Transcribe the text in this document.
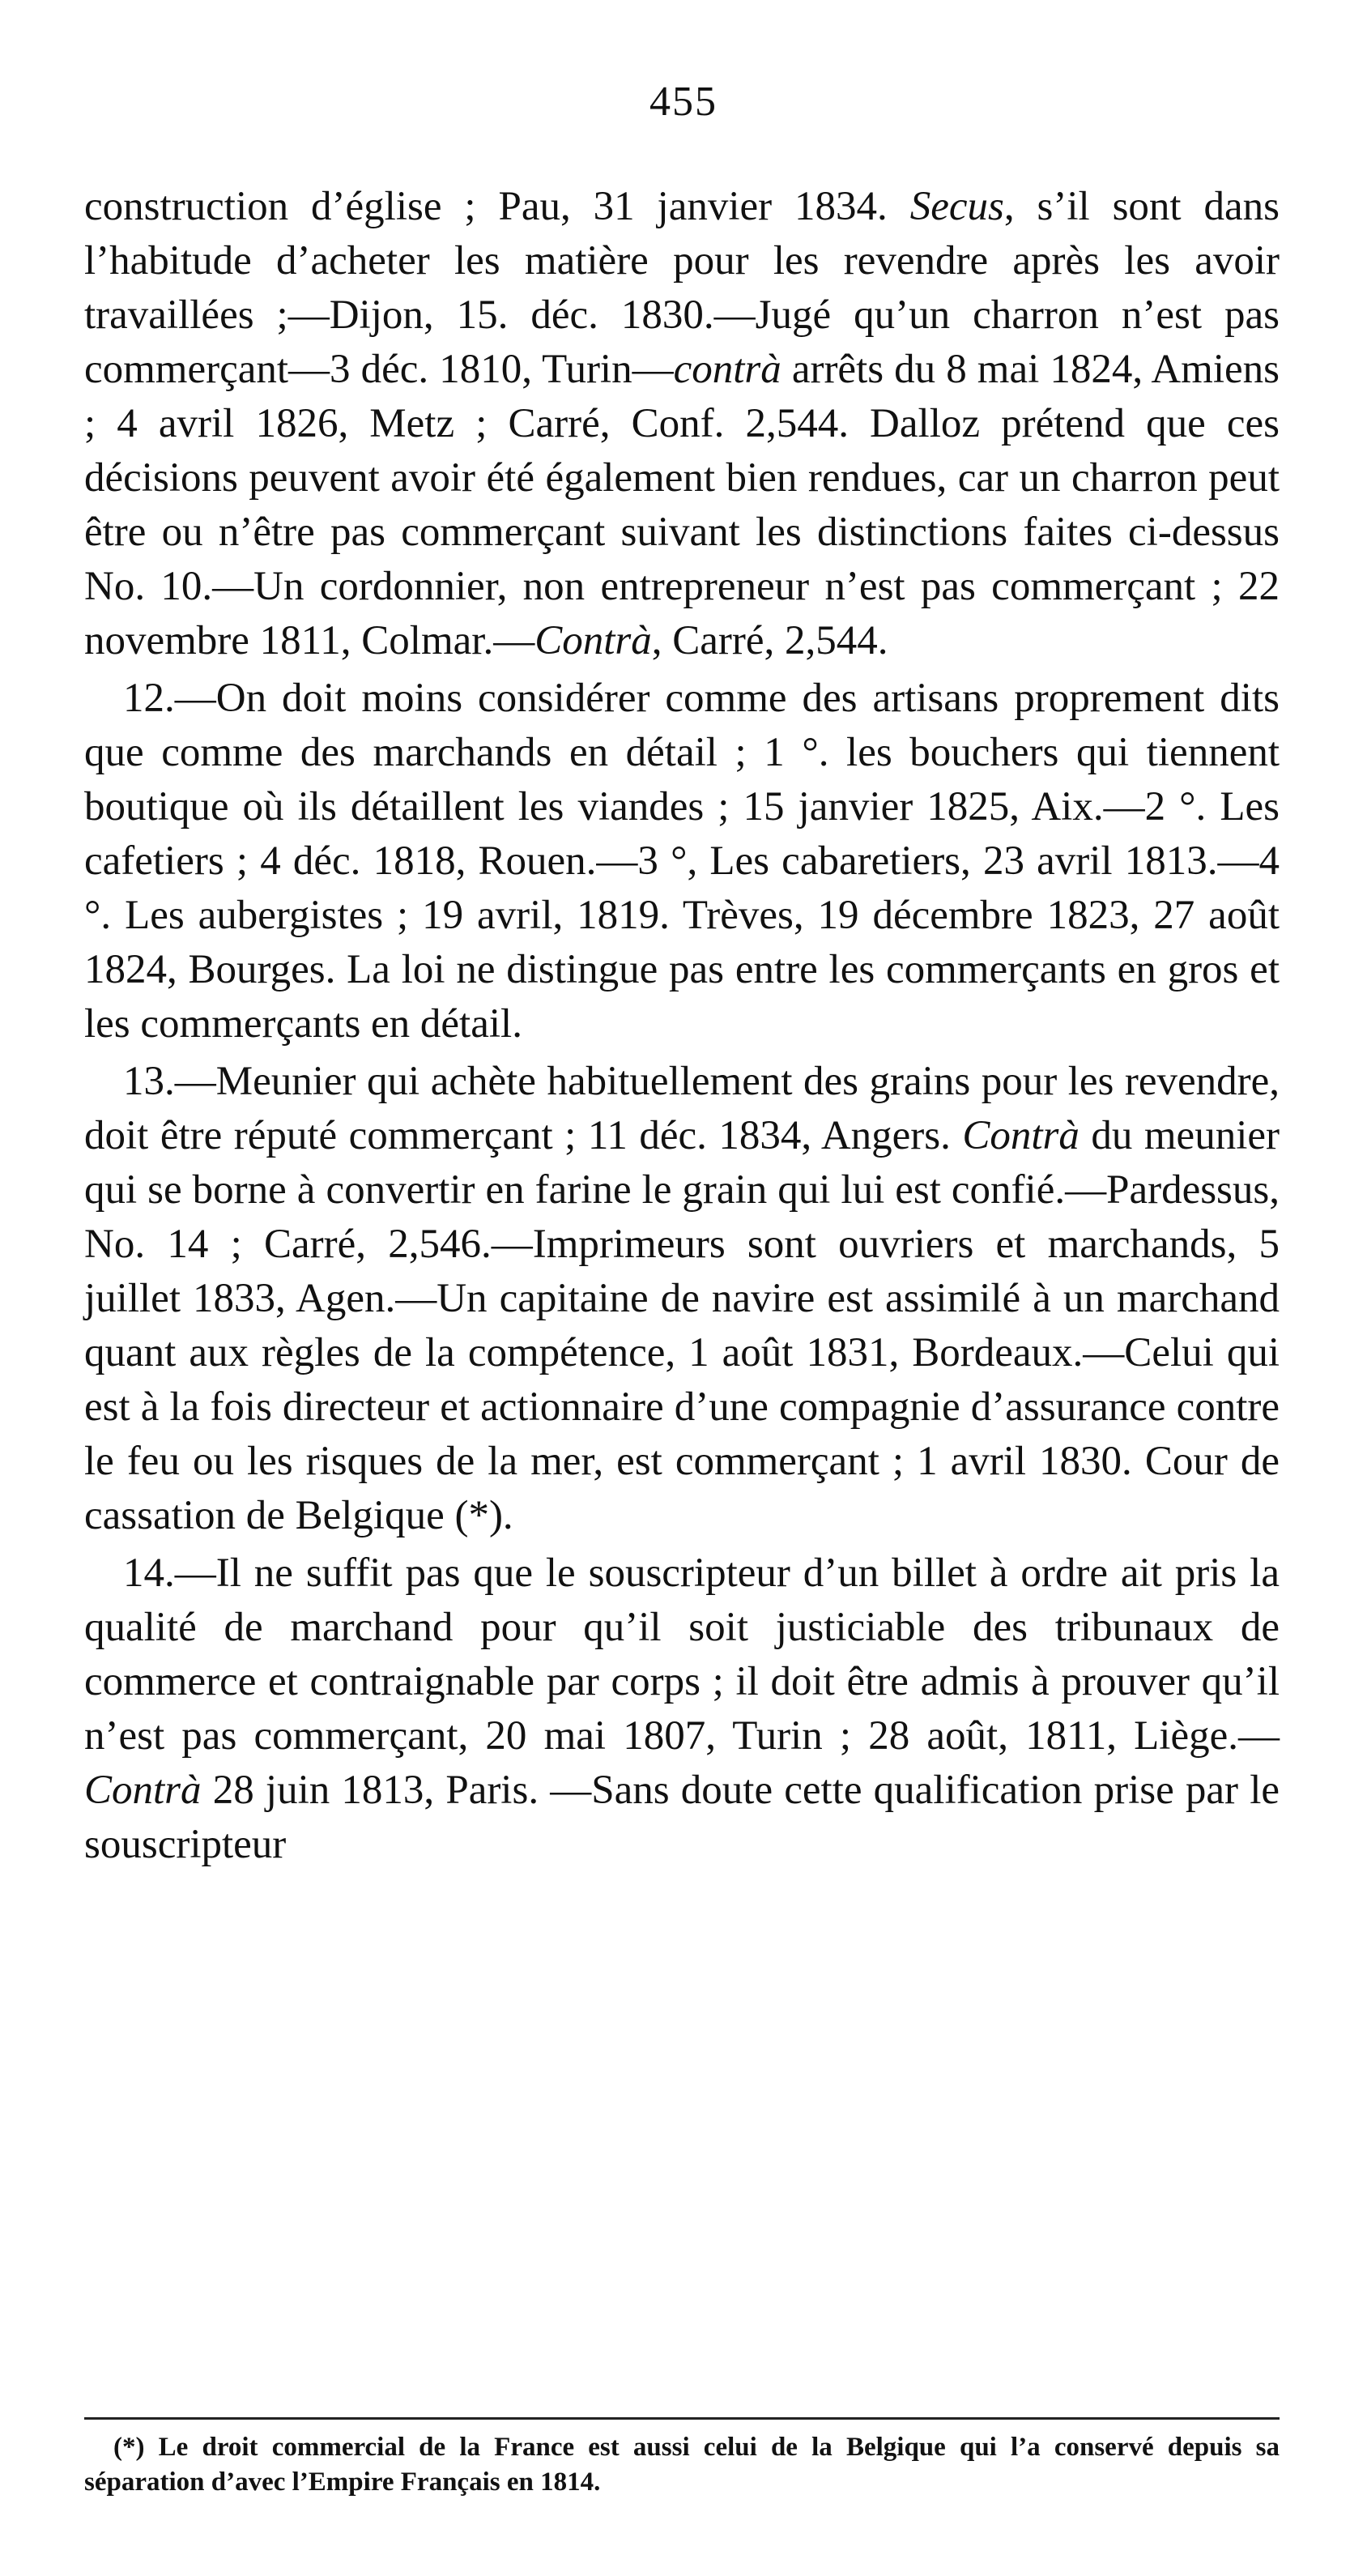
455

construction d’église ; Pau, 31 janvier 1834. Secus, s’il sont dans l’habitude d’acheter les matière pour les revendre après les avoir travaillées ;—Dijon, 15. déc. 1830.—Jugé qu’un charron n’est pas commerçant—3 déc. 1810, Turin—contrà arrêts du 8 mai 1824, Amiens ; 4 avril 1826, Metz ; Carré, Conf. 2,544. Dalloz prétend que ces décisions peuvent avoir été également bien rendues, car un charron peut être ou n’être pas commerçant suivant les distinctions faites ci-dessus No. 10.—Un cordonnier, non entrepreneur n’est pas commerçant ; 22 novembre 1811, Colmar.—Contrà, Carré, 2,544.

12.—On doit moins considérer comme des artisans proprement dits que comme des marchands en détail ; 1 °. les bouchers qui tiennent boutique où ils détaillent les viandes ; 15 janvier 1825, Aix.—2 °. Les cafetiers ; 4 déc. 1818, Rouen.—3 °, Les cabaretiers, 23 avril 1813.—4 °. Les aubergistes ; 19 avril, 1819. Trèves, 19 décembre 1823, 27 août 1824, Bourges. La loi ne distingue pas entre les commerçants en gros et les commerçants en détail.

13.—Meunier qui achète habituellement des grains pour les revendre, doit être réputé commerçant ; 11 déc. 1834, Angers. Contrà du meunier qui se borne à convertir en farine le grain qui lui est confié.—Pardessus, No. 14 ; Carré, 2,546.—Imprimeurs sont ouvriers et marchands, 5 juillet 1833, Agen.—Un capitaine de navire est assimilé à un marchand quant aux règles de la compétence, 1 août 1831, Bordeaux.—Celui qui est à la fois directeur et actionnaire d’une compagnie d’assurance contre le feu ou les risques de la mer, est commerçant ; 1 avril 1830. Cour de cassation de Belgique (*).

14.—Il ne suffit pas que le souscripteur d’un billet à ordre ait pris la qualité de marchand pour qu’il soit justiciable des tribunaux de commerce et contraignable par corps ; il doit être admis à prouver qu’il n’est pas commerçant, 20 mai 1807, Turin ; 28 août, 1811, Liège.—Contrà 28 juin 1813, Paris. —Sans doute cette qualification prise par le souscripteur

(*) Le droit commercial de la France est aussi celui de la Belgique qui l’a conservé depuis sa séparation d’avec l’Empire Français en 1814.
